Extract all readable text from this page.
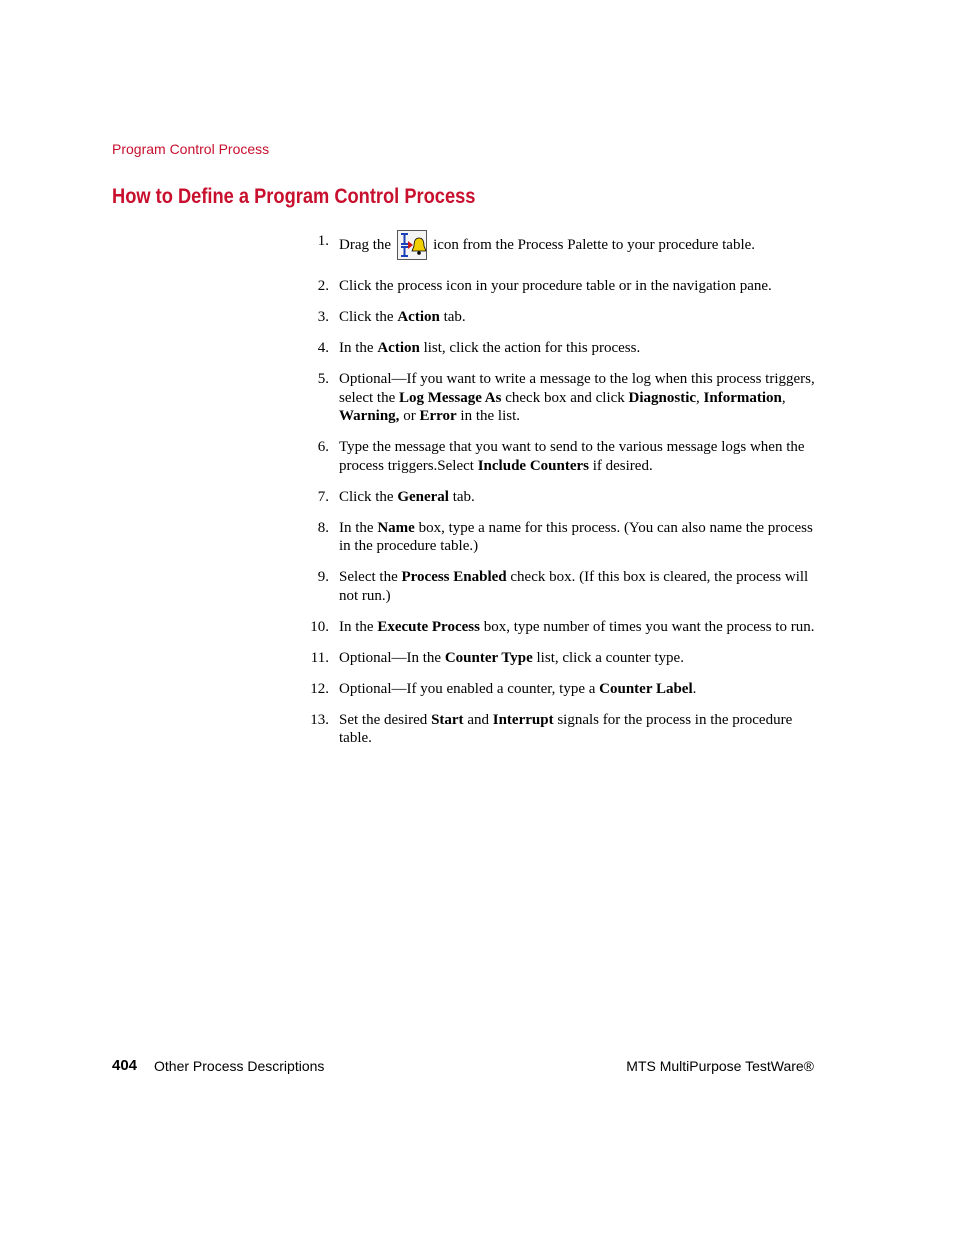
Program Control Process
How to Define a Program Control Process
1 . Drag the	icon from the Process Palette to your procedure table.
2 . Click the process icon in your procedure table or in the navigation pane.
3 . Click the Action tab.
4 . In the Action list, click the action for this process.
5 . Optional—If you want to write a message to the log when this process triggers, select the Log Message As check box and click Diagnostic, Information, Warning, or Error in the list.
6 . Type the message that you want to send to the various message logs when the process triggers.Select Include Counters if desired.
7 . Click the General tab.
8 . In the Name box, type a name for this process. (You can also name the process in the procedure table.)
9 . Select the Process Enabled check box. (If this box is cleared, the process will not run.)
10 . In the Execute Process box, type number of times you want the process to run.
11 . Optional—In the Counter Type list, click a counter type.
12 . Optional—If you enabled a counter, type a Counter Label.
13 . Set the desired Start and Interrupt signals for the process in the procedure table.
404 Other Process Descriptions	MTS MultiPurpose TestWare®
